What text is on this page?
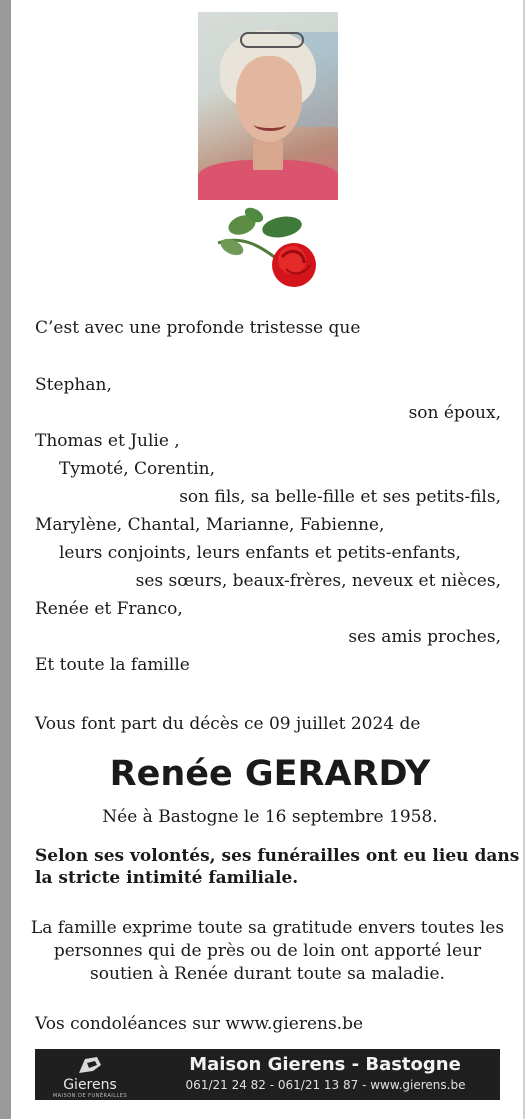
C’est avec une profonde tristesse que
Stephan,
son époux,
Thomas et Julie ,
Tymoté, Corentin,
son fils, sa belle-fille et ses petits-fils,
Marylène, Chantal, Marianne, Fabienne,
leurs conjoints, leurs enfants et petits-enfants,
ses sœurs, beaux-frères, neveux et nièces,
Renée et Franco,
ses amis proches,
Et toute la famille
Vous font part du décès ce 09 juillet 2024 de
Renée GERARDY
Née à Bastogne le 16 septembre 1958.
Selon ses volontés, ses funérailles ont eu lieu dans
la stricte intimité familiale.
La famille exprime toute sa gratitude envers toutes les
personnes qui de près ou de loin ont apporté leur
soutien à Renée durant toute sa maladie.
Vos condoléances sur www.gierens.be
Gierens
MAISON DE FUNÉRAILLES
Maison Gierens - Bastogne
061/21 24 82 - 061/21 13 87 - www.gierens.be
